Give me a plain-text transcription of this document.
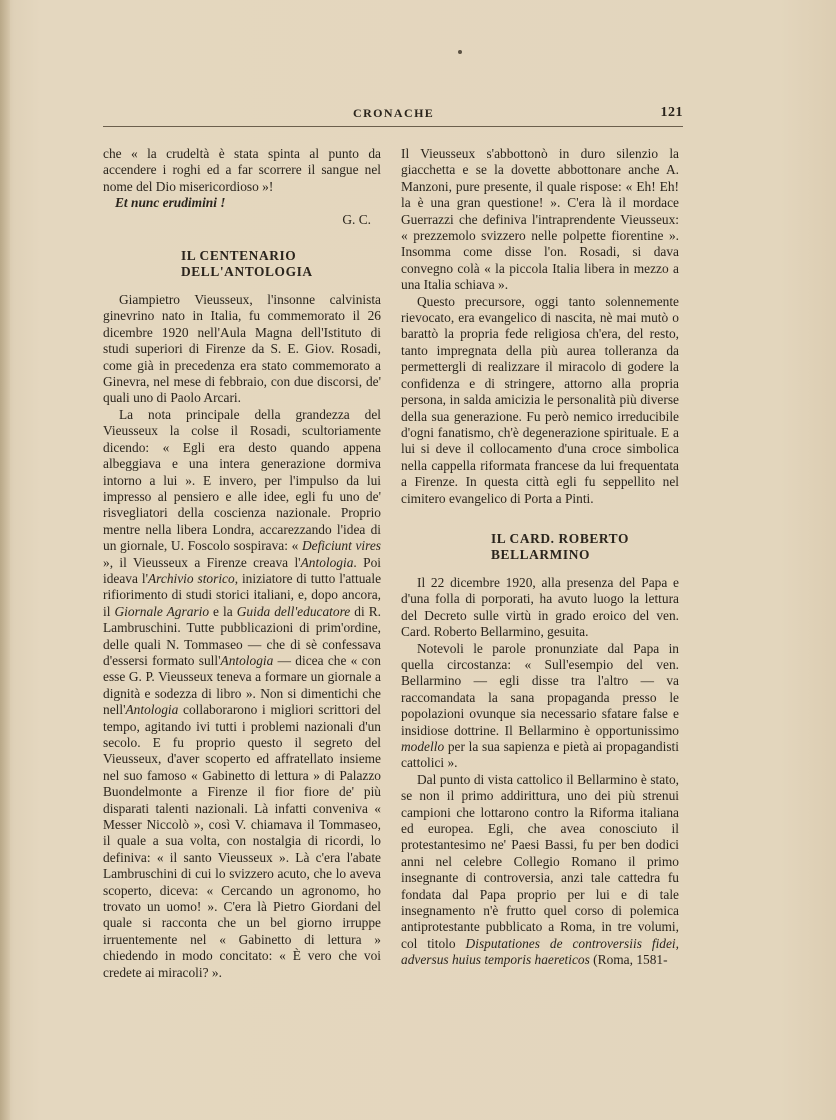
CRONACHE	121

che « la crudeltà è stata spinta al punto da accendere i roghi ed a far scorrere il sangue nel nome del Dio misericordioso »!

Et nunc erudimini !

G. C.

IL CENTENARIO DELL'ANTOLOGIA

Giampietro Vieusseux, l'insonne calvinista ginevrino nato in Italia, fu commemorato il 26 dicembre 1920 nell'Aula Magna dell'Istituto di studi superiori di Firenze da S. E. Giov. Rosadi, come già in precedenza era stato commemorato a Ginevra, nel mese di febbraio, con due discorsi, de' quali uno di Paolo Arcari.

La nota principale della grandezza del Vieusseux la colse il Rosadi, scultoriamente dicendo: « Egli era desto quando appena albeggiava e una intera generazione dormiva intorno a lui ». E invero, per l'impulso da lui impresso al pensiero e alle idee, egli fu uno de' risvegliatori della coscienza nazionale. Proprio mentre nella libera Londra, accarezzando l'idea di un giornale, U. Foscolo sospirava: « Deficiunt vires », il Vieusseux a Firenze creava l'Antologia. Poi ideava l'Archivio storico, iniziatore di tutto l'attuale rifiorimento di studi storici italiani, e, dopo ancora, il Giornale Agrario e la Guida dell'educatore di R. Lambruschini. Tutte pubblicazioni di prim'ordine, delle quali N. Tommaseo — che di sè confessava d'essersi formato sull'Antologia — dicea che « con esse G. P. Vieusseux teneva a formare un giornale a dignità e sodezza di libro ». Non si dimentichi che nell'Antologia collaborarono i migliori scrittori del tempo, agitando ivi tutti i problemi nazionali d'un secolo. E fu proprio questo il segreto del Vieusseux, d'aver scoperto ed affratellato insieme nel suo famoso « Gabinetto di lettura » di Palazzo Buondelmonte a Firenze il fior fiore de' più disparati talenti nazionali. Là infatti conveniva « Messer Niccolò », così V. chiamava il Tommaseo, il quale a sua volta, con nostalgia di ricordi, lo definiva: « il santo Vieusseux ». Là c'era l'abate Lambruschini di cui lo svizzero acuto, che lo aveva scoperto, diceva: « Cercando un agronomo, ho trovato un uomo! ». C'era là Pietro Giordani del quale si racconta che un bel giorno irruppe irruentemente nel « Gabinetto di lettura » chiedendo in modo concitato: « È vero che voi credete ai miracoli? ».

Il Vieusseux s'abbottonò in duro silenzio la giacchetta e se la dovette abbottonare anche A. Manzoni, pure presente, il quale rispose: « Eh! Eh! la è una gran questione! ». C'era là il mordace Guerrazzi che definiva l'intraprendente Vieusseux: « prezzemolo svizzero nelle polpette fiorentine ». Insomma come disse l'on. Rosadi, si dava convegno colà « la piccola Italia libera in mezzo a una Italia schiava ».

Questo precursore, oggi tanto solennemente rievocato, era evangelico di nascita, nè mai mutò o barattò la propria fede religiosa ch'era, del resto, tanto impregnata della più aurea tolleranza da permettergli di realizzare il miracolo di godere la confidenza e di stringere, attorno alla propria persona, in salda amicizia le personalità più diverse della sua generazione. Fu però nemico irreducibile d'ogni fanatismo, ch'è degenerazione spirituale. E a lui si deve il collocamento d'una croce simbolica nella cappella riformata francese da lui frequentata a Firenze. In questa città egli fu seppellito nel cimitero evangelico di Porta a Pinti.

IL CARD. ROBERTO BELLARMINO

Il 22 dicembre 1920, alla presenza del Papa e d'una folla di porporati, ha avuto luogo la lettura del Decreto sulle virtù in grado eroico del ven. Card. Roberto Bellarmino, gesuita.

Notevoli le parole pronunziate dal Papa in quella circostanza: « Sull'esempio del ven. Bellarmino — egli disse tra l'altro — va raccomandata la sana propaganda presso le popolazioni ovunque sia necessario sfatare false e insidiose dottrine. Il Bellarmino è opportunissimo modello per la sua sapienza e pietà ai propagandisti cattolici ».

Dal punto di vista cattolico il Bellarmino è stato, se non il primo addirittura, uno dei più strenui campioni che lottarono contro la Riforma italiana ed europea. Egli, che avea conosciuto il protestantesimo ne' Paesi Bassi, fu per ben dodici anni nel celebre Collegio Romano il primo insegnante di controversia, anzi tale cattedra fu fondata dal Papa proprio per lui e di tale insegnamento n'è frutto quel corso di polemica antiprotestante pubblicato a Roma, in tre volumi, col titolo Disputationes de controversiis fidei, adversus huius temporis haereticos (Roma, 1581-
